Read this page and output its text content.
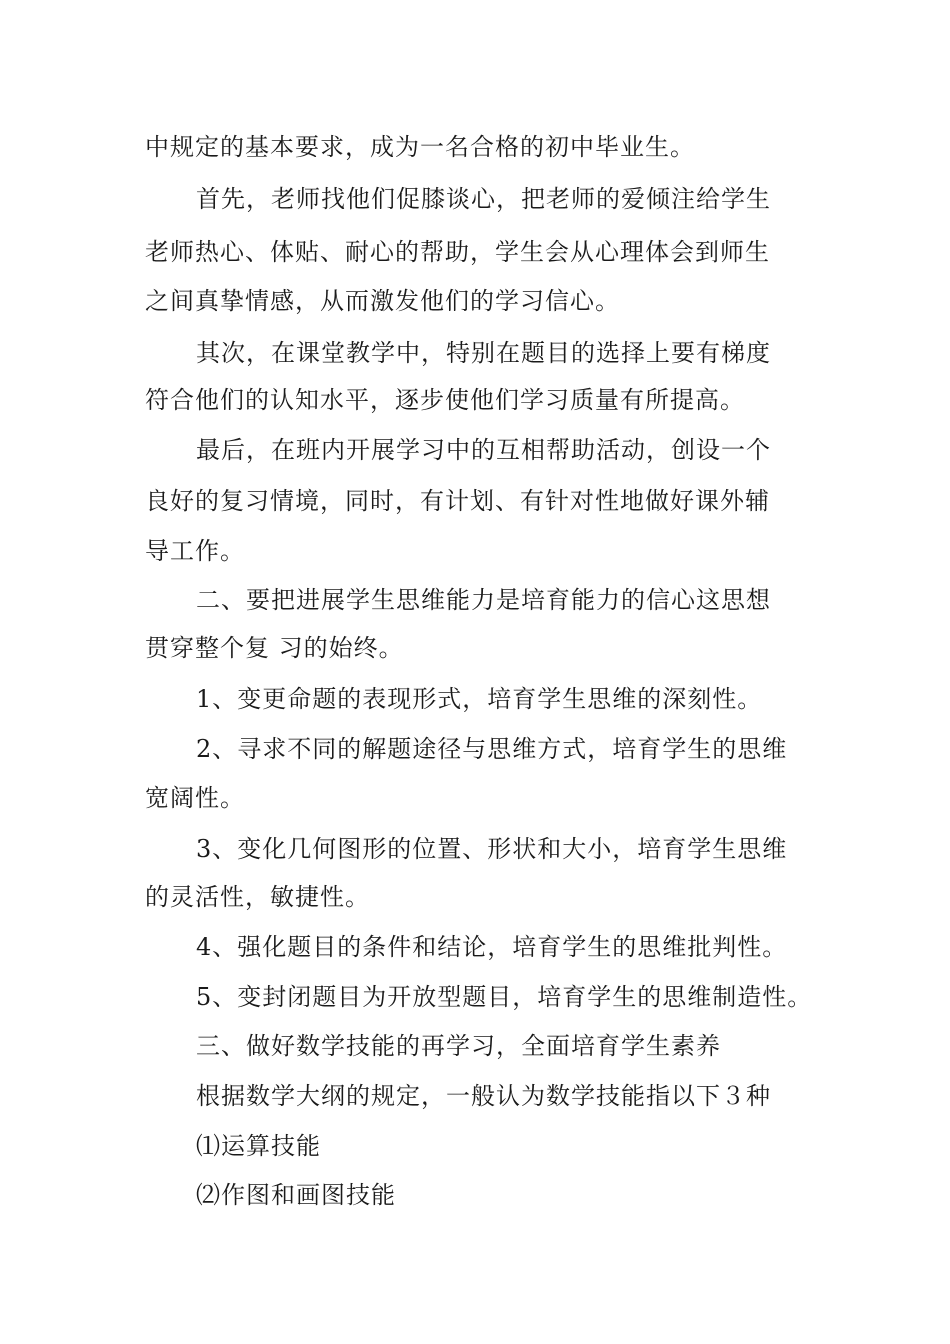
中规定的基本要求，成为一名合格的初中毕业生。
首先，老师找他们促膝谈心，把老师的爱倾注给学生
老师热心、体贴、耐心的帮助，学生会从心理体会到师生
之间真挚情感，从而激发他们的学习信心。
其次，在课堂教学中，特别在题目的选择上要有梯度
符合他们的认知水平，逐步使他们学习质量有所提高。
最后，在班内开展学习中的互相帮助活动，创设一个
良好的复习情境，同时，有计划、有针对性地做好课外辅
导工作。
二、要把进展学生思维能力是培育能力的信心这思想
贯穿整个复 习的始终。
1、变更命题的表现形式，培育学生思维的深刻性。
2、寻求不同的解题途径与思维方式，培育学生的思维
宽阔性。
3、变化几何图形的位置、形状和大小，培育学生思维
的灵活性，敏捷性。
4、强化题目的条件和结论，培育学生的思维批判性。
5、变封闭题目为开放型题目，培育学生的思维制造性。
三、做好数学技能的再学习，全面培育学生素养
根据数学大纲的规定，一般认为数学技能指以下３种
⑴运算技能
⑵作图和画图技能
